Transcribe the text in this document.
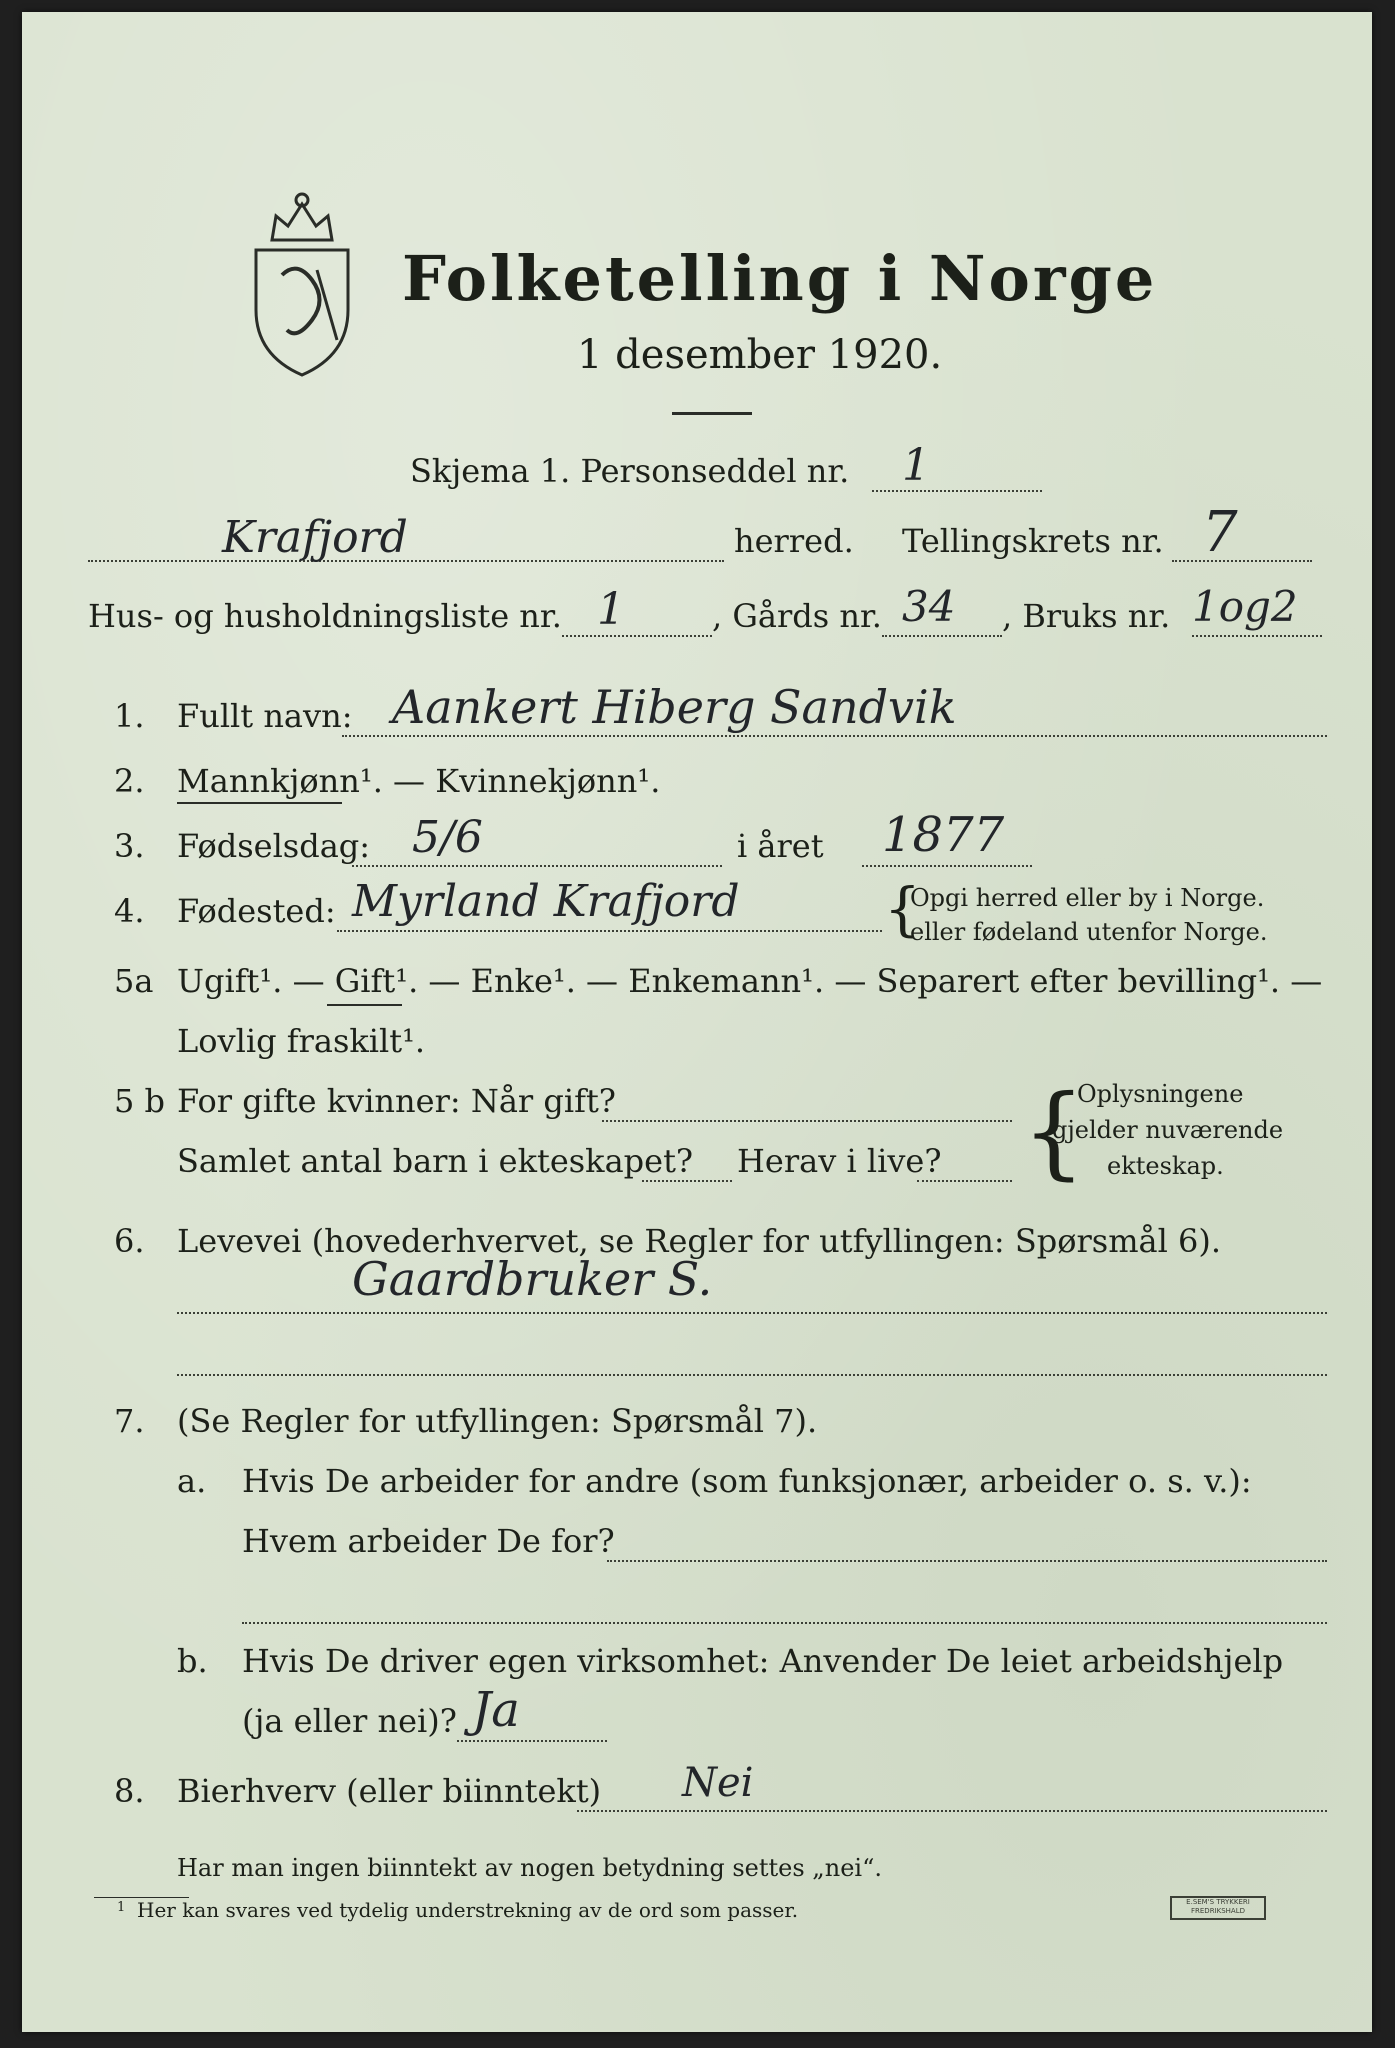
Folketelling i Norge
1 desember 1920.
Skjema 1. Personseddel nr. 1
Krafjord	herred. Tellingskrets nr. 7
Hus- og husholdningsliste nr. 1	, Gårds nr. 34 , Bruks nr. 1og2
1. Fullt navn: Aankert Hiberg Sandvik
2. Mannkjønn¹. — Kvinnekjønn¹.
3. Fødselsdag: 5/6	i året 1877
4. Fødested: Myrland Krafjord {
Opgi herred eller by i Norge.
eller fødeland utenfor Norge.
5a Ugift¹. — Gift¹. — Enke¹. — Enkemann¹. — Separert efter bevilling¹. —
Lovlig fraskilt¹.
5 b For gifte kvinner: Når gift?
Samlet antal barn i ekteskapet? Herav i live? {
Oplysningene
gjelder nuværende
ekteskap.
6. Levevei (hovederhvervet, se Regler for utfyllingen: Spørsmål 6).
Gaardbruker S.
7. (Se Regler for utfyllingen: Spørsmål 7).
a. Hvis De arbeider for andre (som funksjonær, arbeider o. s. v.):
Hvem arbeider De for?
b. Hvis De driver egen virksomhet: Anvender De leiet arbeidshjelp
(ja eller nei)? Ja
8. Bierhverv (eller biinntekt) Nei
Har man ingen biinntekt av nogen betydning settes „nei“.
1 Her kan svares ved tydelig understrekning av de ord som passer.	E.SEM'S TRYKKERI FREDRIKSHALD
